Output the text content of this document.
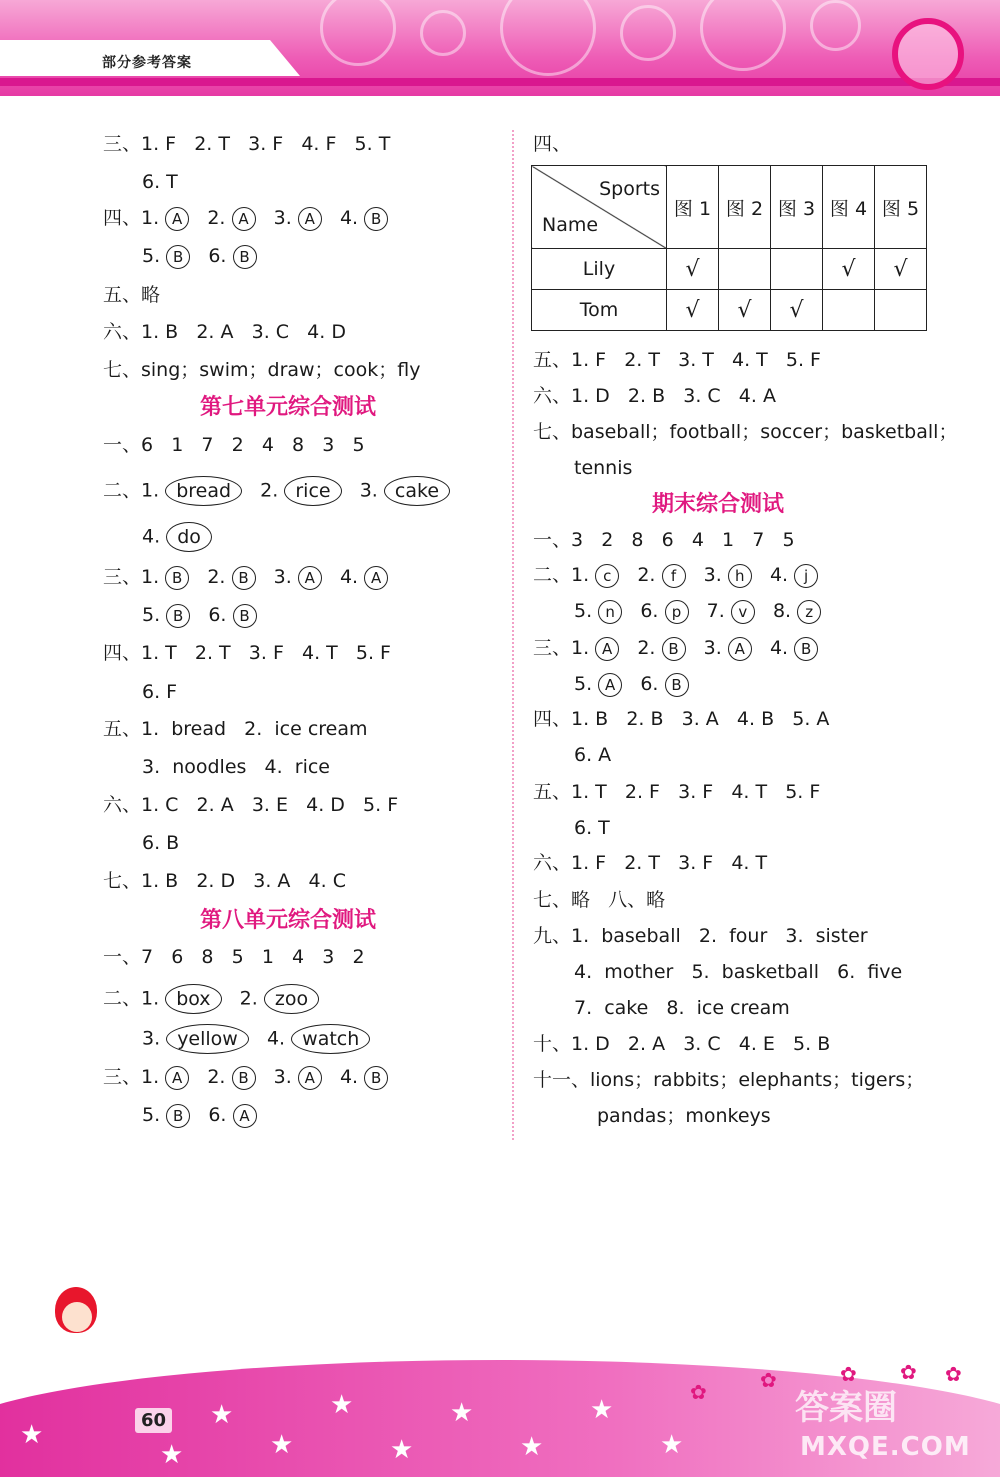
部分参考答案
三、1. F   2. T   3. F   4. F   5. T
6. T
四、1. A 2. A 3. A 4. B
5. B 6. B
五、略
六、1. B   2. A   3. C   4. D
七、sing；swim；draw；cook；fly
第七单元综合测试
一、6   1   7   2   4   8   3   5
二、1. bread 2. rice 3. cake
4. do
三、1. B 2. B 3. A 4. A
5. B 6. B
四、1. T   2. T   3. F   4. T   5. F
6. F
五、1.  bread   2.  ice cream
3.  noodles   4.  rice
六、1. C   2. A   3. E   4. D   5. F
6. B
七、1. B   2. D   3. A   4. C
第八单元综合测试
一、7   6   8   5   1   4   3   2
二、1. box 2. zoo
3. yellow 4. watch
三、1. A 2. B 3. A 4. B
5. B 6. A
四、
Sports
Name	图 1	图 2	图 3	图 4	图 5
Lily	√			√	√
Tom	√	√	√		
五、1. F   2. T   3. T   4. T   5. F
六、1. D   2. B   3. C   4. A
七、baseball；football；soccer；basketball；
tennis
期末综合测试
一、3   2   8   6   4   1   7   5
二、1. c 2. f 3. h 4. j
5. n 6. p 7. v 8. z
三、1. A 2. B 3. A 4. B
5. A 6. B
四、1. B   2. B   3. A   4. B   5. A
6. A
五、1. T   2. F   3. F   4. T   5. F
6. T
六、1. F   2. T   3. F   4. T
七、略   八、略
九、1.  baseball   2.  four   3.  sister
4.  mother   5.  basketball   6.  five
7.  cake   8.  ice cream
十、1. D   2. A   3. C   4. E   5. B
十一、lions；rabbits；elephants；tigers；
pandas；monkeys
★
★
★
★
★
★
★
★
★
★
✿	✿	✿ ✿ ✿
60	答案圈
MXQE.COM
